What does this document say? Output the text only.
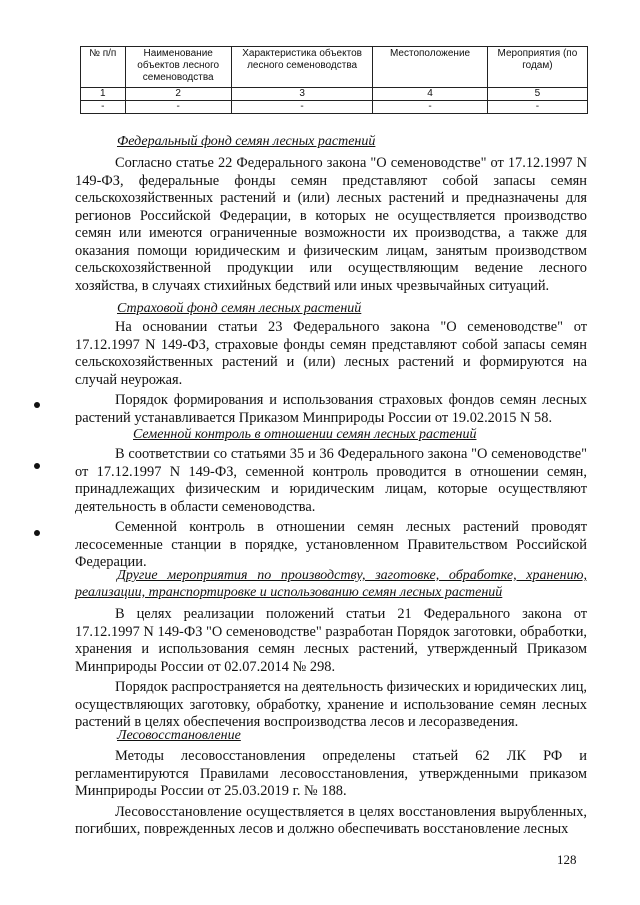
№ п/п	Наименование объектов лесного семеноводства	Характеристика объектов лесного семеноводства	Местоположение	Мероприятия (по годам)
1	2	3	4	5
-	-	-	-	-
Федеральный фонд семян лесных растений

Согласно статье 22 Федерального закона "О семеноводстве" от 17.12.1997 N 149-ФЗ, федеральные фонды семян представляют собой запасы семян сельскохозяйственных растений и (или) лесных растений и предназначены для регионов Российской Федерации, в которых не осуществляется производство семян или имеются ограниченные возможности их производства, а также для оказания помощи юридическим и физическим лицам, занятым производством сельскохозяйственной продукции или осуществляющим ведение лесного хозяйства, в случаях стихийных бедствий или иных чрезвычайных ситуаций.

Страховой фонд семян лесных растений

На основании статьи 23 Федерального закона "О семеноводстве" от 17.12.1997 N 149-ФЗ, страховые фонды семян представляют собой запасы семян сельскохозяйственных растений и (или) лесных растений и формируются на случай неурожая.

Порядок формирования и использования страховых фондов семян лесных растений устанавливается Приказом Минприроды России от 19.02.2015 N 58.

Семенной контроль в отношении семян лесных растений

В соответствии со статьями 35 и 36 Федерального закона "О семеноводстве" от 17.12.1997 N 149-ФЗ, семенной контроль проводится в отношении семян, принадлежащих физическим и юридическим лицам, которые осуществляют деятельность в области семеноводства.

Семенной контроль в отношении семян лесных растений проводят лесосеменные станции в порядке, установленном Правительством Российской Федерации.

Другие мероприятия по производству, заготовке, обработке, хранению, реализации, транспортировке и использованию семян лесных растений

В целях реализации положений статьи 21 Федерального закона от 17.12.1997 N 149-ФЗ "О семеноводстве" разработан Порядок заготовки, обработки, хранения и использования семян лесных растений, утвержденный Приказом Минприроды России от 02.07.2014 № 298.

Порядок распространяется на деятельность физических и юридических лиц, осуществляющих заготовку, обработку, хранение и использование семян лесных растений в целях обеспечения воспроизводства лесов и лесоразведения.

Лесовосстановление

Методы лесовосстановления определены статьей 62 ЛК РФ и регламентируются Правилами лесовосстановления, утвержденными приказом Минприроды России от 25.03.2019 г. № 188.

Лесовосстановление осуществляется в целях восстановления вырубленных, погибших, поврежденных лесов и должно обеспечивать восстановление лесных

128
